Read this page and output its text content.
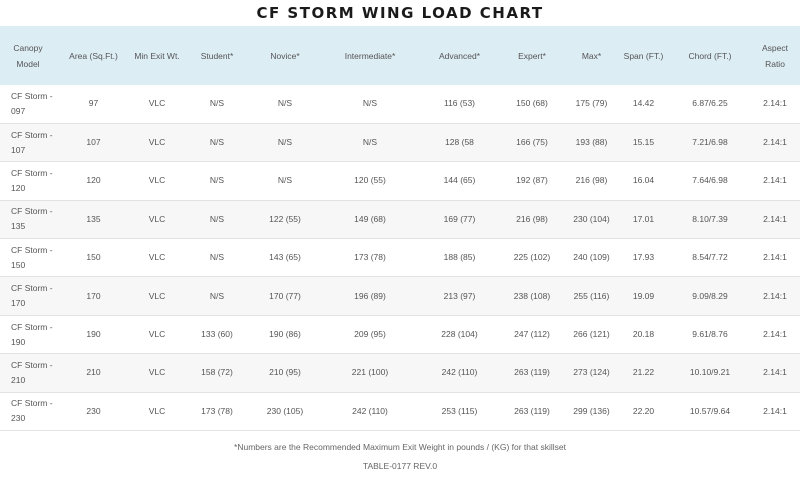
CF STORM WING LOAD CHART
Canopy Model	Area (Sq.Ft.)	Min Exit Wt.	Student*	Novice*	Intermediate*	Advanced*	Expert*	Max*	Span (FT.)	Chord (FT.)	Aspect Ratio
CF Storm - 097	97	VLC	N/S	N/S	N/S	116 (53)	150 (68)	175 (79)	14.42	6.87/6.25	2.14:1
CF Storm - 107	107	VLC	N/S	N/S	N/S	128 (58	166 (75)	193 (88)	15.15	7.21/6.98	2.14:1
CF Storm - 120	120	VLC	N/S	N/S	120 (55)	144 (65)	192 (87)	216 (98)	16.04	7.64/6.98	2.14:1
CF Storm - 135	135	VLC	N/S	122 (55)	149 (68)	169 (77)	216 (98)	230 (104)	17.01	8.10/7.39	2.14:1
CF Storm - 150	150	VLC	N/S	143 (65)	173 (78)	188 (85)	225 (102)	240 (109)	17.93	8.54/7.72	2.14:1
CF Storm - 170	170	VLC	N/S	170 (77)	196 (89)	213 (97)	238 (108)	255 (116)	19.09	9.09/8.29	2.14:1
CF Storm - 190	190	VLC	133 (60)	190 (86)	209 (95)	228 (104)	247 (112)	266 (121)	20.18	9.61/8.76	2.14:1
CF Storm - 210	210	VLC	158 (72)	210 (95)	221 (100)	242 (110)	263 (119)	273 (124)	21.22	10.10/9.21	2.14:1
CF Storm - 230	230	VLC	173 (78)	230 (105)	242 (110)	253 (115)	263 (119)	299 (136)	22.20	10.57/9.64	2.14:1
*Numbers are the Recommended Maximum Exit Weight in pounds / (KG) for that skillset
TABLE-0177 REV.0
